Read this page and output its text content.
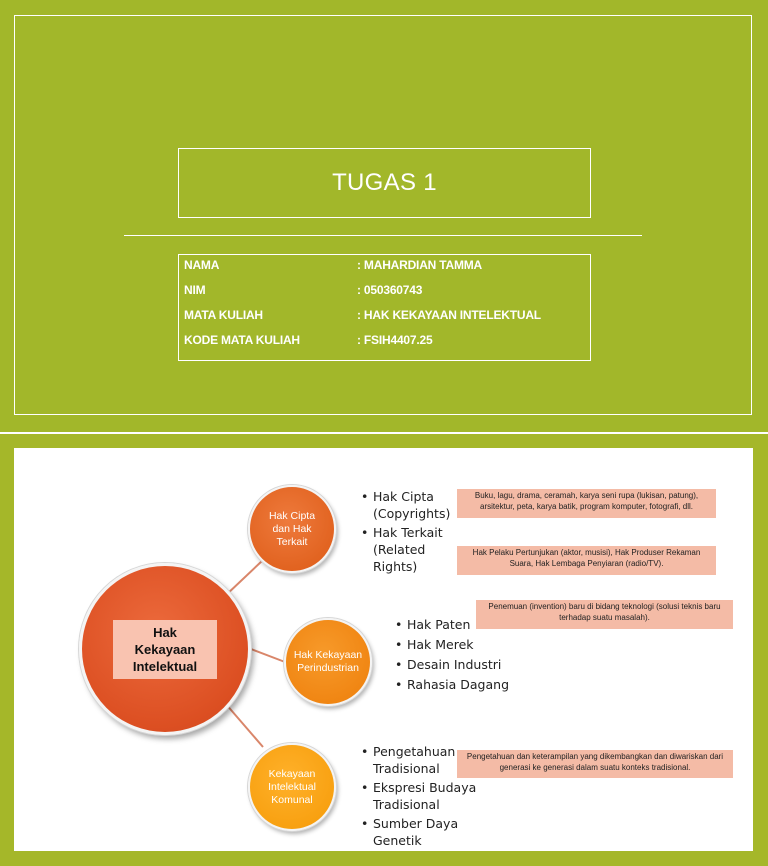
TUGAS 1
NAMA	: MAHARDIAN TAMMA
NIM	: 050360743
MATA KULIAH	: HAK KEKAYAAN INTELEKTUAL
KODE MATA KULIAH	: FSIH4407.25
Hak Kekayaan Intelektual
Hak Cipta dan Hak Terkait
• Hak Cipta (Copyrights)
• Hak Terkait (Related Rights)
Buku, lagu, drama, ceramah, karya seni rupa (lukisan, patung), arsitektur, peta, karya batik, program komputer, fotografi, dll.
Hak Pelaku Pertunjukan (aktor, musisi), Hak Produser Rekaman Suara, Hak Lembaga Penyiaran (radio/TV).
Hak Kekayaan Perindustrian
• Hak Paten
• Hak Merek
• Desain Industri
• Rahasia Dagang
Penemuan (invention) baru di bidang teknologi (solusi teknis baru terhadap suatu masalah).
Kekayaan Intelektual Komunal
• Pengetahuan Tradisional
• Ekspresi Budaya Tradisional
• Sumber Daya Genetik
Pengetahuan dan keterampilan yang dikembangkan dan diwariskan dari generasi ke generasi dalam suatu konteks tradisional.
